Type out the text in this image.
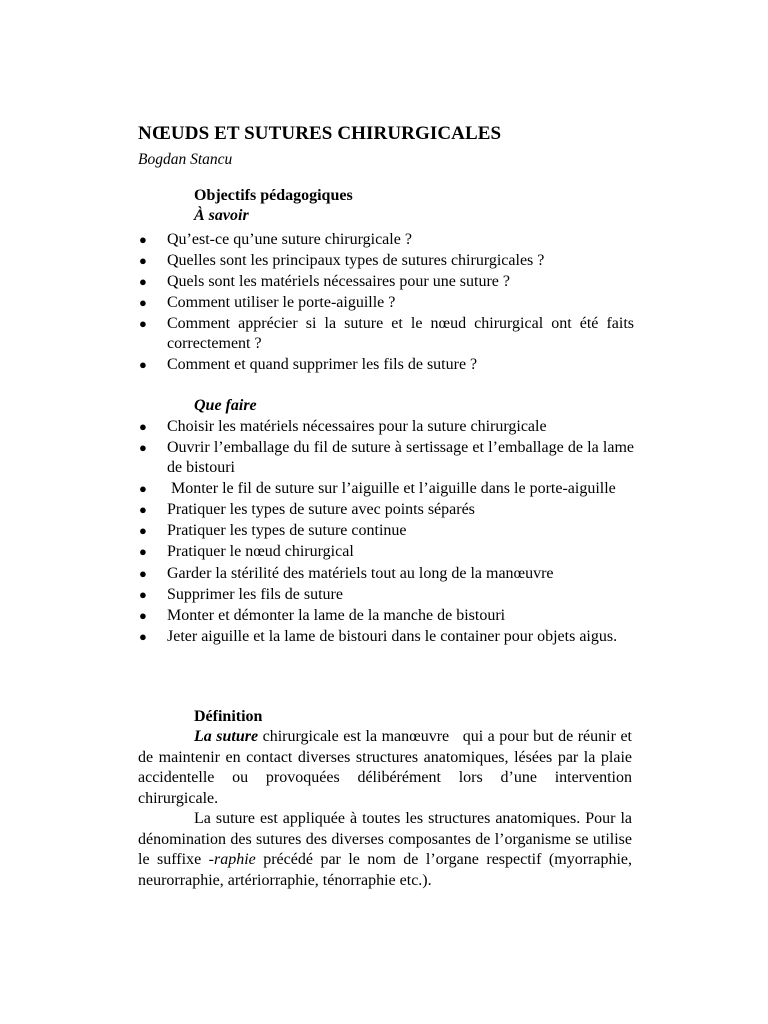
NŒUDS ET SUTURES CHIRURGICALES
Bogdan Stancu
Objectifs pédagogiques
À savoir
● Qu’est-ce qu’une suture chirurgicale ?
● Quelles sont les principaux types de sutures chirurgicales ?
● Quels sont les matériels nécessaires pour une suture ?
● Comment utiliser le porte-aiguille ?
● Comment apprécier si la suture et le nœud chirurgical ont été faits correctement ?
● Comment et quand supprimer les fils de suture ?
Que faire
● Choisir les matériels nécessaires pour la suture chirurgicale
● Ouvrir l’emballage du fil de suture à sertissage et l’emballage de la lame de bistouri
● Monter le fil de suture sur l’aiguille et l’aiguille dans le porte-aiguille
● Pratiquer les types de suture avec points séparés
● Pratiquer les types de suture continue
● Pratiquer le nœud chirurgical
● Garder la stérilité des matériels tout au long de la manœuvre
● Supprimer les fils de suture
● Monter et démonter la lame de la manche de bistouri
● Jeter aiguille et la lame de bistouri dans le container pour objets aigus.
Définition

La suture chirurgicale est la manœuvre   qui a pour but de réunir et de maintenir en contact diverses structures anatomiques, lésées par la plaie accidentelle ou provoquées délibérément lors d’une intervention chirurgicale.

La suture est appliquée à toutes les structures anatomiques. Pour la dénomination des sutures des diverses composantes de l’organisme se utilise le suffixe -raphie précédé par le nom de l’organe respectif (myorraphie, neurorraphie, artériorraphie, ténorraphie etc.).
